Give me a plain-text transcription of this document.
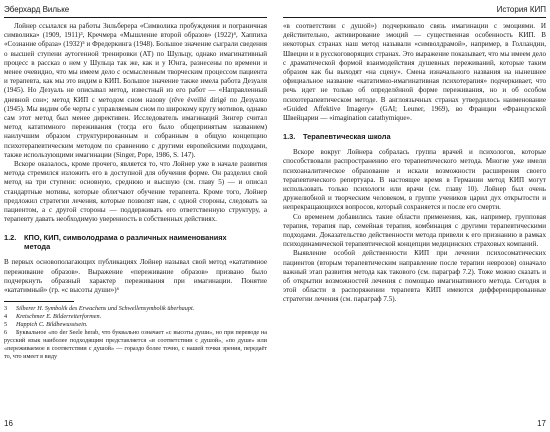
Эберхард Вильке

Лойнер ссылался на работы Зильберера «Символика пробуждения и пограничная символика» (1909, 1911)³, Кречмера «Мышление второй образов» (1922)⁴, Хаппиха «Сознание образа» (1932)⁵ и Фредеркинга (1948). Большое значение сыграли сведения о высшей ступени аутогенной тренировки (АТ) по Шульцу, однако имагинативный процесс в рассказ о нем у Шульца так же, как и у Юнга, разнесены по времени и менее очевидно, что мы имеем дело с осмысленным творческим процессом пациента и терапевта, как мы это видим в КИП. Большое значение также имела работа Дезуаля (1945). Но Дезуаль не описывал метод, известный из его работ — «Направленный дневной сон»; метод КИП с методом сном назову (rêve éveillé dirigé по Дезуалю (1945). Мы видим обе черты с управляемым сном по широкому кругу мотивов, однако сам этот метод был менее директивен. Исследователь имагинаций Зингер считал метод кататимного переживания (тогда его было общепринятым названием) наилучшим образом структурированным и собранным в общую концепцию психотерапевтическим методом по сравнению с другими европейскими подходами, также использующими имагинации (Singer, Pope, 1986, S. 147).

Вскоре оказалось, кроме прочего, является то, что Лойнер уже в начале развития метода стремился изложить его в доступной для обучения форме. Он разделил свой метод на три ступени: основную, среднюю и высшую (см. главу 5) — и описал стандартные мотивы, которые облегчают обучение терапевта. Кроме того, Лойнер предложил стратегии лечения, которые позволят нам, с одной стороны, следовать за пациентом, а с другой стороны — поддерживать его ответственную структуру, а терапевту давать необходимую уверенность в собственных действиях.

1.2. КПО, КИП, символодрама о различных наименованиях
метода

В первых основополагающих публикациях Лойнер называл свой метод «кататимное переживание образов». Выражение «переживание образов» призвано было подчеркнуть образный характер переживания при имагинации. Понятие «кататимный» (гр. «с высоты души»)⁶

3 Silberer H. Symbolik des Erwachens und Schwellensymbolik überhaupt.
4 Kretschmer E. Bilderreiterformen.
5 Happich C. Bildbewusstsein.
6 Буквальное «по der Seele herab, что буквально означает «с высоты души», но при переводе на русский язык наиболее подходящим представляется «в соответствии с душой», «по душе» или «переживаемое в соответствии с душой» — гораздо более точно, с нашей точки зрения, передаёт то, что имеет в виду
16
История КИП

«в соответствии с душой») подчеркивало связь имагинации с эмоциями. И действительно, активирование эмоций — существенная особенность КИП. В некоторых странах наш метод называли «символдрамой», например, в Голландии, Швеции и в русскоговорящих странах. Это выражение показывает, что мы имеем дело с драматической формой взаимодействия душевных переживаний, которые таким образом как бы выходят «на сцену». Смена изначального названия на нынешнее официальное название «кататимно-имагинативная психотерапия» подчеркивает, что речь идет не только об определённой форме переживания, но и об особом психотерапевтическом методе. В англоязычных странах утвердилось наименование «Guided Affektive Imagery» (GAI; Leuner, 1969), во Франции «Французской Швейцарии — «imagination catathymique».

1.3. Терапевтическая школа

Вскоре вокруг Лойнера собралась группа врачей и психологов, которые способствовали распространению его терапевтического метода. Многие уже имели психоаналитическое образование и искали возможности расширения своего терапевтического репертуара. В настоящее время в Германии метод КИП могут использовать только психологи или врачи (см. главу 10). Лойнер был очень дружелюбной и творческим человеком, в группе учеников царил дух открытости и непрекращающихся вопросов, который сохраняется и после его смерти.

Со временем добавились такие области применения, как, например, групповая терапия, терапия пар, семейная терапия, комбинация с другими терапевтическими подходами. Доказательство действенности метода привели к его признанию в рамках психодинамической терапевтической концепции медицинских страховых компаний.

Выявление особой действенности КИП при лечении психосоматических пациентов (вторым терапевтическим направление после терапии неврозов) означало важный этап развития метода как такового (см. параграф 7.2). Тоже можно сказать и об открытии возможностей лечения с помощью имагинативного метода. Сегодня в этой области в распоряжении терапевта КИП имеются дифференцированные стратегии лечения (см. параграф 7.5).

17
